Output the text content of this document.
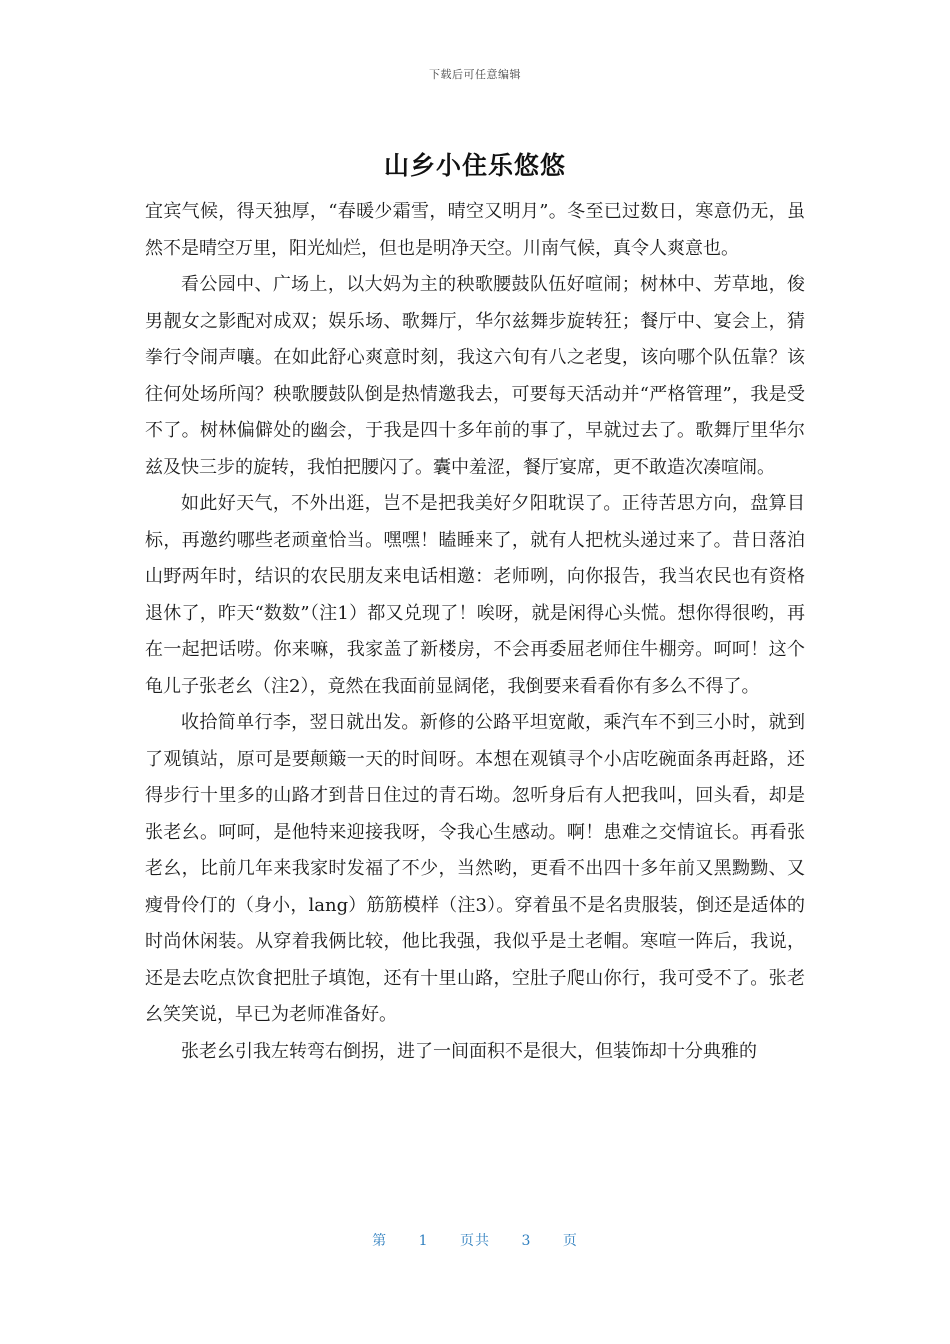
下载后可任意编辑
山乡小住乐悠悠

宜宾气候，得天独厚，“春暖少霜雪，晴空又明月”。冬至已过数日，寒意仍无，虽然不是晴空万里，阳光灿烂，但也是明净天空。川南气候，真令人爽意也。

看公园中、广场上，以大妈为主的秧歌腰鼓队伍好喧闹；树林中、芳草地，俊男靓女之影配对成双；娱乐场、歌舞厅，华尔兹舞步旋转狂；餐厅中、宴会上，猜拳行令闹声嚷。在如此舒心爽意时刻，我这六旬有八之老叟，该向哪个队伍靠？该往何处场所闯？秧歌腰鼓队倒是热情邀我去，可要每天活动并“严格管理”，我是受不了。树林偏僻处的幽会，于我是四十多年前的事了，早就过去了。歌舞厅里华尔兹及快三步的旋转，我怕把腰闪了。囊中羞涩，餐厅宴席，更不敢造次凑喧闹。

如此好天气，不外出逛，岂不是把我美好夕阳耽误了。正待苦思方向，盘算目标，再邀约哪些老顽童恰当。嘿嘿！瞌睡来了，就有人把枕头递过来了。昔日落泊山野两年时，结识的农民朋友来电话相邀：老师咧，向你报告，我当农民也有资格退休了，昨天“数数”（注1）都又兑现了！唉呀，就是闲得心头慌。想你得很哟，再在一起把话唠。你来嘛，我家盖了新楼房，不会再委屈老师住牛棚旁。呵呵！这个龟儿子张老幺（注2），竟然在我面前显阔佬，我倒要来看看你有多么不得了。

收拾简单行李，翌日就出发。新修的公路平坦宽敞，乘汽车不到三小时，就到了观镇站，原可是要颠簸一天的时间呀。本想在观镇寻个小店吃碗面条再赶路，还得步行十里多的山路才到昔日住过的青石坳。忽听身后有人把我叫，回头看，却是张老幺。呵呵，是他特来迎接我呀，令我心生感动。啊！患难之交情谊长。再看张老幺，比前几年来我家时发福了不少，当然哟，更看不出四十多年前又黑黝黝、又瘦骨伶仃的（身小，lang）筋筋模样（注3）。穿着虽不是名贵服装，倒还是适体的时尚休闲装。从穿着我俩比较，他比我强，我似乎是土老帽。寒喧一阵后，我说，还是去吃点饮食把肚子填饱，还有十里山路，空肚子爬山你行，我可受不了。张老幺笑笑说，早已为老师准备好。

张老幺引我左转弯右倒拐，进了一间面积不是很大，但装饰却十分典雅的

第 1 页共 3 页
